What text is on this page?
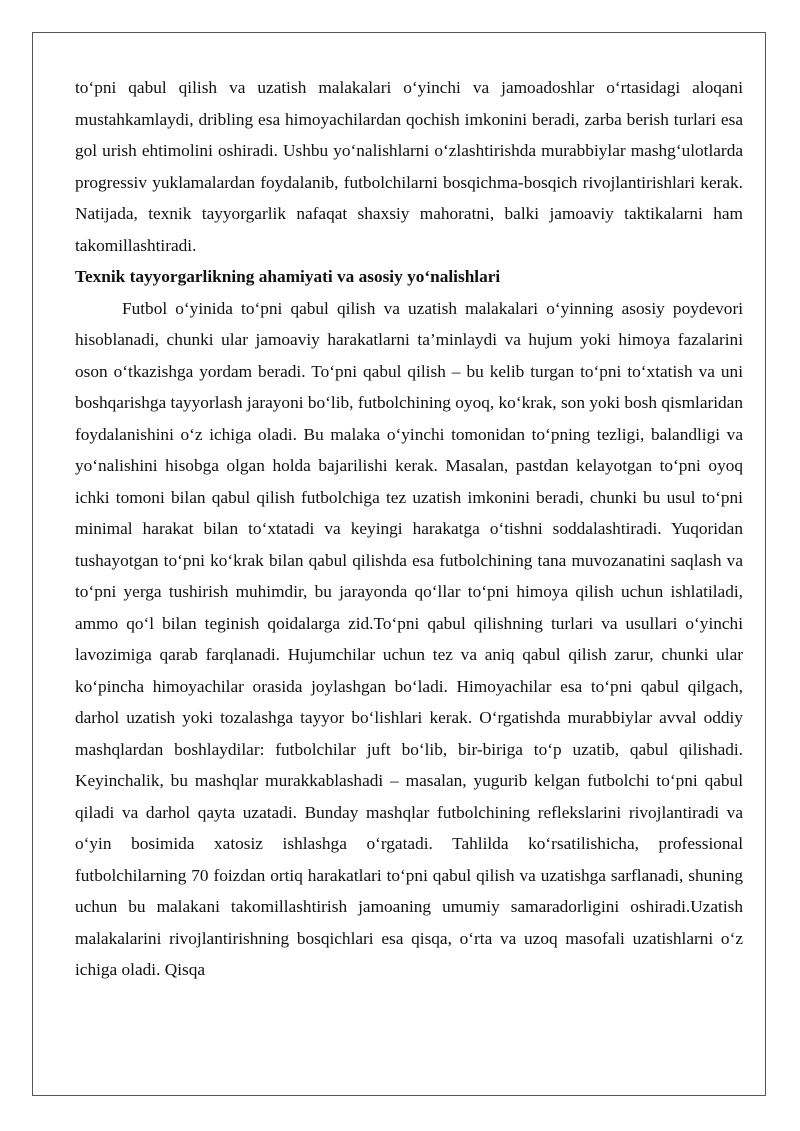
to‘pni qabul qilish va uzatish malakalari o‘yinchi va jamoadoshlar o‘rtasidagi aloqani mustahkamlaydi, dribling esa himoyachilardan qochish imkonini beradi, zarba berish turlari esa gol urish ehtimolini oshiradi. Ushbu yo‘nalishlarni o‘zlashtirishda murabbiylar mashg‘ulotlarda progressiv yuklamalardan foydalanib, futbolchilarni bosqichma-bosqich rivojlantirishlari kerak. Natijada, texnik tayyorgarlik nafaqat shaxsiy mahoratni, balki jamoaviy taktikalarni ham takomillashtiradi.

Texnik tayyorgarlikning ahamiyati va asosiy yo‘nalishlari

Futbol o‘yinida to‘pni qabul qilish va uzatish malakalari o‘yinning asosiy poydevori hisoblanadi, chunki ular jamoaviy harakatlarni ta’minlaydi va hujum yoki himoya fazalarini oson o‘tkazishga yordam beradi. To‘pni qabul qilish – bu kelib turgan to‘pni to‘xtatish va uni boshqarishga tayyorlash jarayoni bo‘lib, futbolchining oyoq, ko‘krak, son yoki bosh qismlaridan foydalanishini o‘z ichiga oladi. Bu malaka o‘yinchi tomonidan to‘pning tezligi, balandligi va yo‘nalishini hisobga olgan holda bajarilishi kerak. Masalan, pastdan kelayotgan to‘pni oyoq ichki tomoni bilan qabul qilish futbolchiga tez uzatish imkonini beradi, chunki bu usul to‘pni minimal harakat bilan to‘xtatadi va keyingi harakatga o‘tishni soddalashtiradi. Yuqoridan tushayotgan to‘pni ko‘krak bilan qabul qilishda esa futbolchining tana muvozanatini saqlash va to‘pni yerga tushirish muhimdir, bu jarayonda qo‘llar to‘pni himoya qilish uchun ishlatiladi, ammo qo‘l bilan teginish qoidalarga zid.To‘pni qabul qilishning turlari va usullari o‘yinchi lavozimiga qarab farqlanadi. Hujumchilar uchun tez va aniq qabul qilish zarur, chunki ular ko‘pincha himoyachilar orasida joylashgan bo‘ladi. Himoyachilar esa to‘pni qabul qilgach, darhol uzatish yoki tozalashga tayyor bo‘lishlari kerak. O‘rgatishda murabbiylar avval oddiy mashqlardan boshlaydilar: futbolchilar juft bo‘lib, bir-biriga to‘p uzatib, qabul qilishadi. Keyinchalik, bu mashqlar murakkablashadi – masalan, yugurib kelgan futbolchi to‘pni qabul qiladi va darhol qayta uzatadi. Bunday mashqlar futbolchining reflekslarini rivojlantiradi va o‘yin bosimida xatosiz ishlashga o‘rgatadi. Tahlilda ko‘rsatilishicha, professional futbolchilarning 70 foizdan ortiq harakatlari to‘pni qabul qilish va uzatishga sarflanadi, shuning uchun bu malakani takomillashtirish jamoaning umumiy samaradorligini oshiradi.Uzatish malakalarini rivojlantirishning bosqichlari esa qisqa, o‘rta va uzoq masofali uzatishlarni o‘z ichiga oladi. Qisqa
